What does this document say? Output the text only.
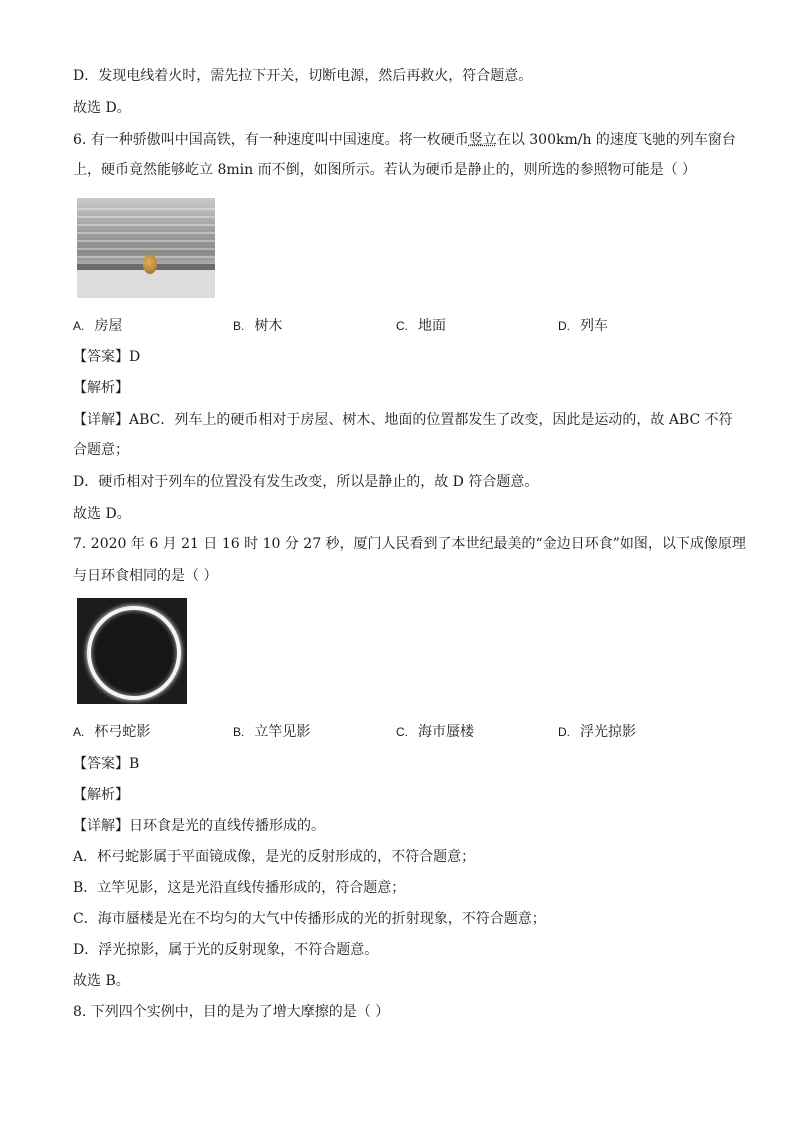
D．发现电线着火时，需先拉下开关，切断电源，然后再救火，符合题意。
故选 D。
6. 有一种骄傲叫中国高铁，有一种速度叫中国速度。将一枚硬币竖立在以 300km/h 的速度飞驰的列车窗台
上，硬币竟然能够屹立 8min 而不倒，如图所示。若认为硬币是静止的，则所选的参照物可能是（ ）
A. 房屋	B. 树木	C. 地面	D. 列车
【答案】D
【解析】
【详解】ABC．列车上的硬币相对于房屋、树木、地面的位置都发生了改变，因此是运动的，故 ABC 不符
合题意；
D．硬币相对于列车的位置没有发生改变，所以是静止的，故 D 符合题意。
故选 D。
7. 2020 年 6 月 21 日 16 时 10 分 27 秒，厦门人民看到了本世纪最美的“金边日环食”如图，以下成像原理
与日环食相同的是（ ）
A. 杯弓蛇影	B. 立竿见影	C. 海市蜃楼	D. 浮光掠影
【答案】B
【解析】
【详解】日环食是光的直线传播形成的。
A．杯弓蛇影属于平面镜成像，是光的反射形成的，不符合题意；
B．立竿见影，这是光沿直线传播形成的，符合题意；
C．海市蜃楼是光在不均匀的大气中传播形成的光的折射现象，不符合题意；
D．浮光掠影，属于光的反射现象，不符合题意。
故选 B。
8. 下列四个实例中，目的是为了增大摩擦的是（ ）
